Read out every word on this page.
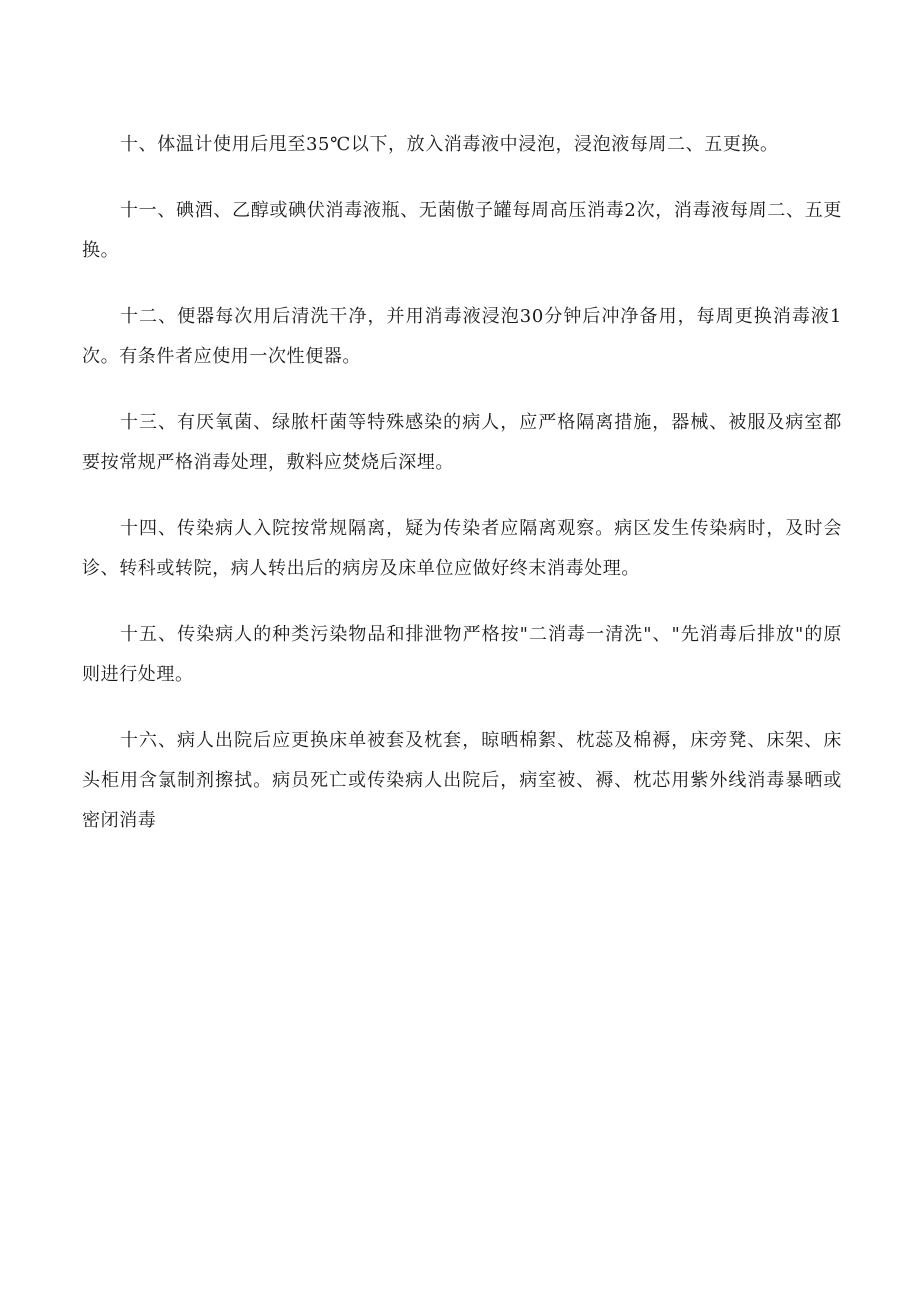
十、体温计使用后甩至35℃以下，放入消毒液中浸泡，浸泡液每周二、五更换。

十一、碘酒、乙醇或碘伏消毒液瓶、无菌傲子罐每周高压消毒2次，消毒液每周二、五更换。

十二、便器每次用后清洗干净，并用消毒液浸泡30分钟后冲净备用，每周更换消毒液1次。有条件者应使用一次性便器。

十三、有厌氧菌、绿脓杆菌等特殊感染的病人，应严格隔离措施，器械、被服及病室都要按常规严格消毒处理，敷料应焚烧后深埋。

十四、传染病人入院按常规隔离，疑为传染者应隔离观察。病区发生传染病时，及时会诊、转科或转院，病人转出后的病房及床单位应做好终末消毒处理。

十五、传染病人的种类污染物品和排泄物严格按"二消毒一清洗"、"先消毒后排放"的原则进行处理。

十六、病人出院后应更换床单被套及枕套，晾晒棉絮、枕蕊及棉褥，床旁凳、床架、床头柜用含氯制剂擦拭。病员死亡或传染病人出院后，病室被、褥、枕芯用紫外线消毒暴晒或密闭消毒
